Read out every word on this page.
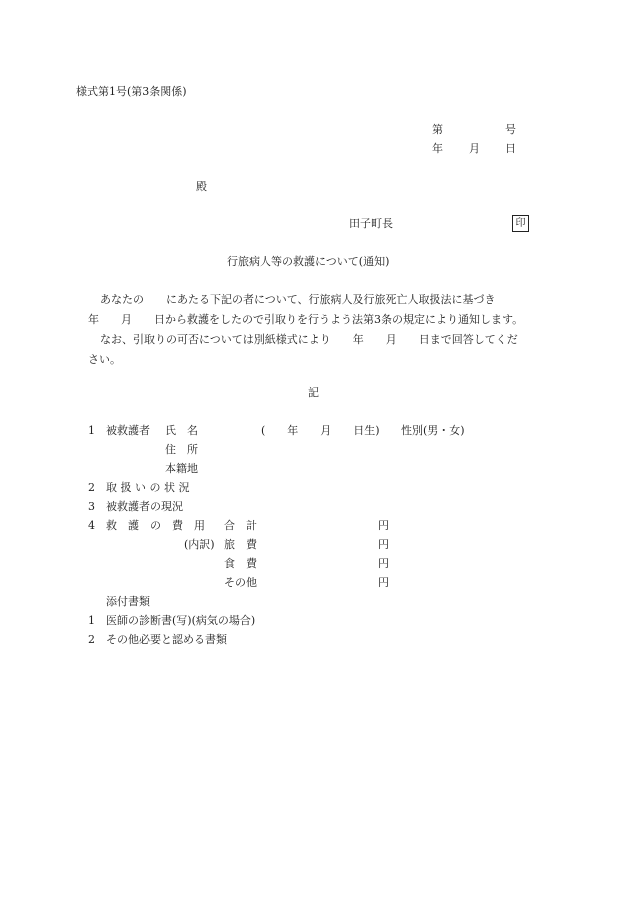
様式第1号(第3条関係)
第	号
年 月 日
殿
田子町長	印
行旅病人等の救護について(通知)
あなたの　　にあたる下記の者について、行旅病人及行旅死亡人取扱法に基づき
年　　月　　日から救護をしたので引取りを行うよう法第3条の規定により通知します。
なお、引取りの可否については別紙様式により　　年　　月　　日まで回答してくだ
さい。
記
1 被救護者 氏　名	(　　年　　月　　日生) 性別(男・女)
住　所
本籍地
2 取 扱 い の 状 況
3 被救護者の現況
4 救　護　の　費　用 合　計	円
(内訳) 旅　費	円
食　費	円
その他	円
添付書類
1 医師の診断書(写)(病気の場合)
2 その他必要と認める書類
